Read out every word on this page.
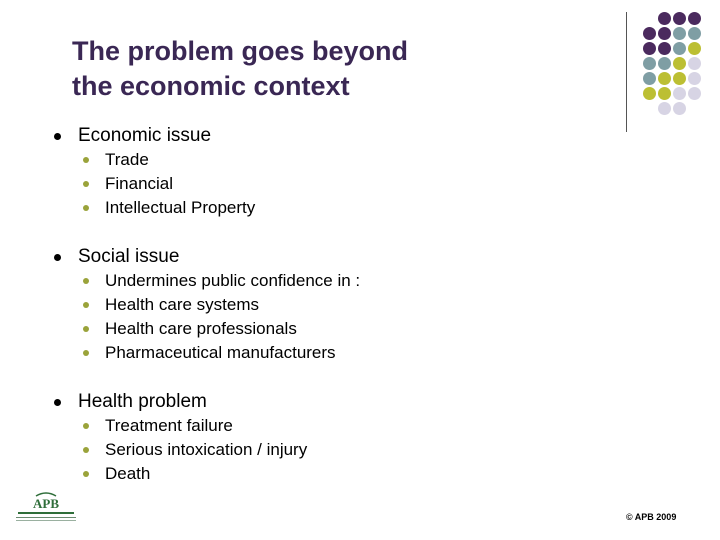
The problem goes beyond
the economic context
Economic issue
Trade
Financial
Intellectual Property
Social issue
Undermines public confidence in :
Health care systems
Health care professionals
Pharmaceutical manufacturers
Health problem
Treatment failure
Serious intoxication / injury
Death
APB
© APB 2009
